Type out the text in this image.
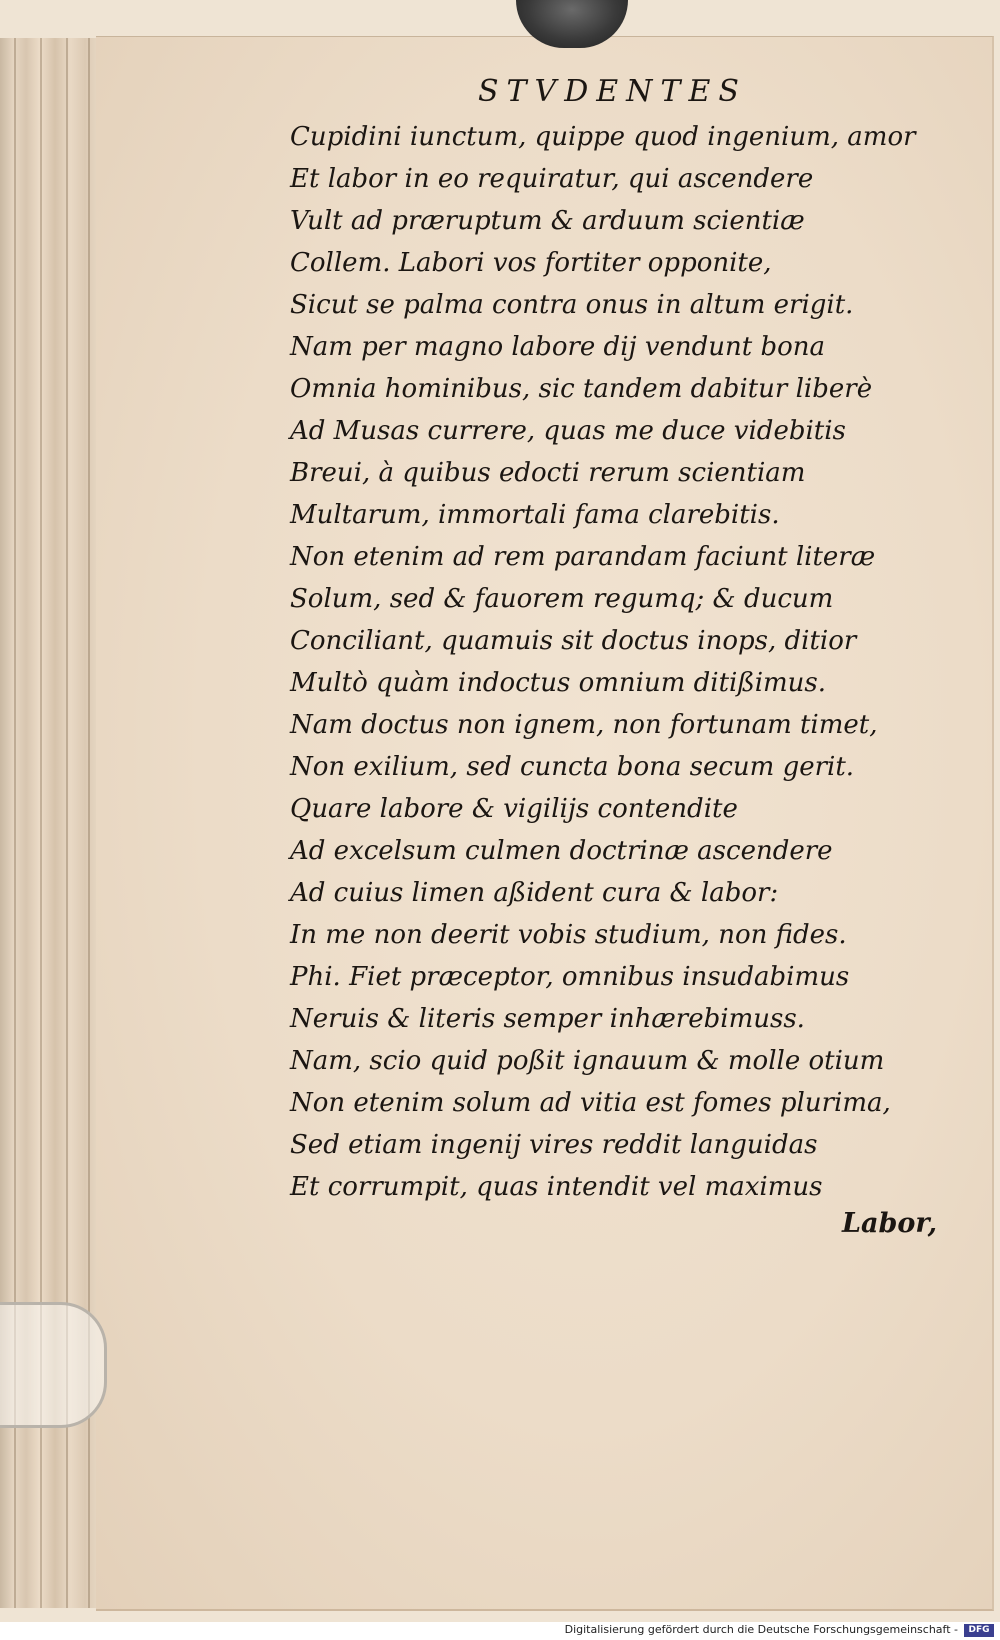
STVDENTES
Cupidini iunctum, quippe quod ingenium, amor
Et labor in eo requiratur, qui ascendere
Vult ad præruptum & arduum scientiæ
Collem. Labori vos fortiter opponite,
Sicut se palma contra onus in altum erigit.
Nam per magno labore dij vendunt bona
Omnia hominibus, sic tandem dabitur liberè
Ad Musas currere, quas me duce videbitis
Breui, à quibus edocti rerum scientiam
Multarum, immortali fama clarebitis.
Non etenim ad rem parandam faciunt literæ
Solum, sed & fauorem regumq; & ducum
Conciliant, quamuis sit doctus inops, ditior
Multò quàm indoctus omnium ditißimus.
Nam doctus non ignem, non fortunam timet,
Non exilium, sed cuncta bona secum gerit.
Quare labore & vigilijs contendite
Ad excelsum culmen doctrinæ ascendere
Ad cuius limen aßident cura & labor:
In me non deerit vobis studium, non fides.
Phi. Fiet præceptor, omnibus insudabimus
Neruis & literis semper inhærebimuss.
Nam, scio quid poßit ignauum & molle otium
Non etenim solum ad vitia est fomes plurima,
Sed etiam ingenij vires reddit languidas
Et corrumpit, quas intendit vel maximus
Labor,
Digitalisierung gefördert durch die Deutsche Forschungsgemeinschaft -	DFG
